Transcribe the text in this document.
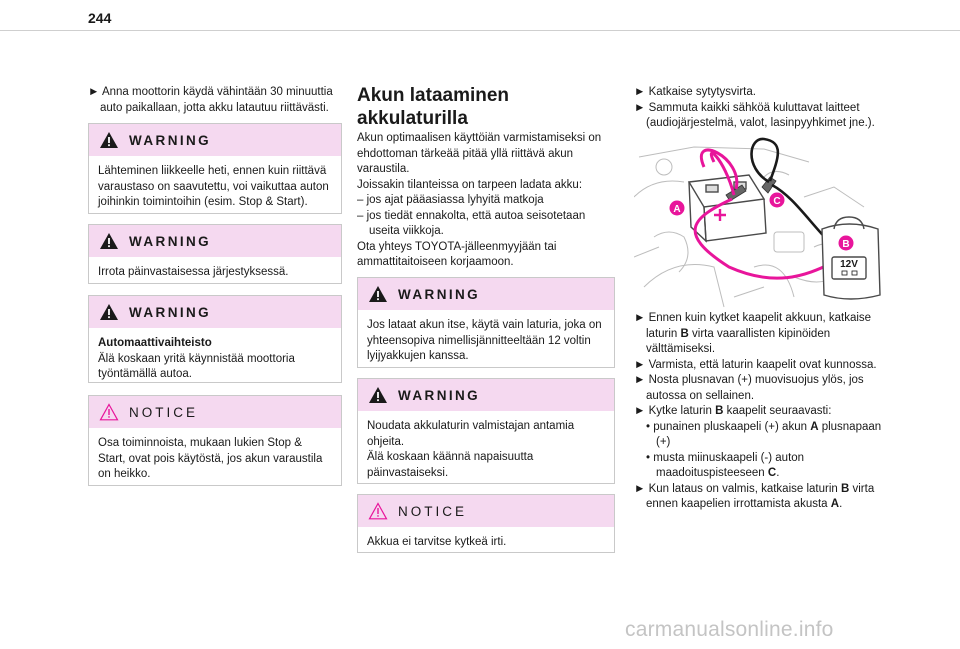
244
► Anna moottorin käydä vähintään 30 minuuttia auto paikallaan, jotta akku latautuu riittävästi.
WARNING
Lähteminen liikkeelle heti, ennen kuin riittävä varaustaso on saavutettu, voi vaikuttaa auton joihinkin toimintoihin (esim. Stop & Start).
WARNING
Irrota päinvastaisessa järjestyksessä.
WARNING
Automaattivaihteisto
Älä koskaan yritä käynnistää moottoria työntämällä autoa.
NOTICE
Osa toiminnoista, mukaan lukien Stop & Start, ovat pois käytöstä, jos akun varaustila on heikko.
Akun lataaminen
akkulaturilla
Akun optimaalisen käyttöiän varmistamiseksi on ehdottoman tärkeää pitää yllä riittävä akun varaustila.
Joissakin tilanteissa on tarpeen ladata akku:
– jos ajat pääasiassa lyhyitä matkoja
– jos tiedät ennakolta, että autoa seisotetaan useita viikkoja.
Ota yhteys TOYOTA-jälleenmyyjään tai ammattitaitoiseen korjaamoon.
WARNING
Jos lataat akun itse, käytä vain laturia, joka on yhteensopiva nimellisjännitteeltään 12 voltin lyijyakkujen kanssa.
WARNING
Noudata akkulaturin valmistajan antamia ohjeita.
Älä koskaan käännä napaisuutta päinvastaiseksi.
NOTICE
Akkua ei tarvitse kytkeä irti.
► Katkaise sytytysvirta.
► Sammuta kaikki sähköä kuluttavat laitteet (audiojärjestelmä, valot, lasinpyyhkimet jne.).
12V
A
C
B
► Ennen kuin kytket kaapelit akkuun, katkaise laturin B virta vaarallisten kipinöiden välttämiseksi.
► Varmista, että laturin kaapelit ovat kunnossa.
► Nosta plusnavan (+) muovisuojus ylös, jos autossa on sellainen.
► Kytke laturin B kaapelit seuraavasti:
• punainen pluskaapeli (+) akun A plusnapaan (+)
• musta miinuskaapeli (-) auton maadoituspisteeseen C.
► Kun lataus on valmis, katkaise laturin B virta ennen kaapelien irrottamista akusta A.
carmanualsonline.info
